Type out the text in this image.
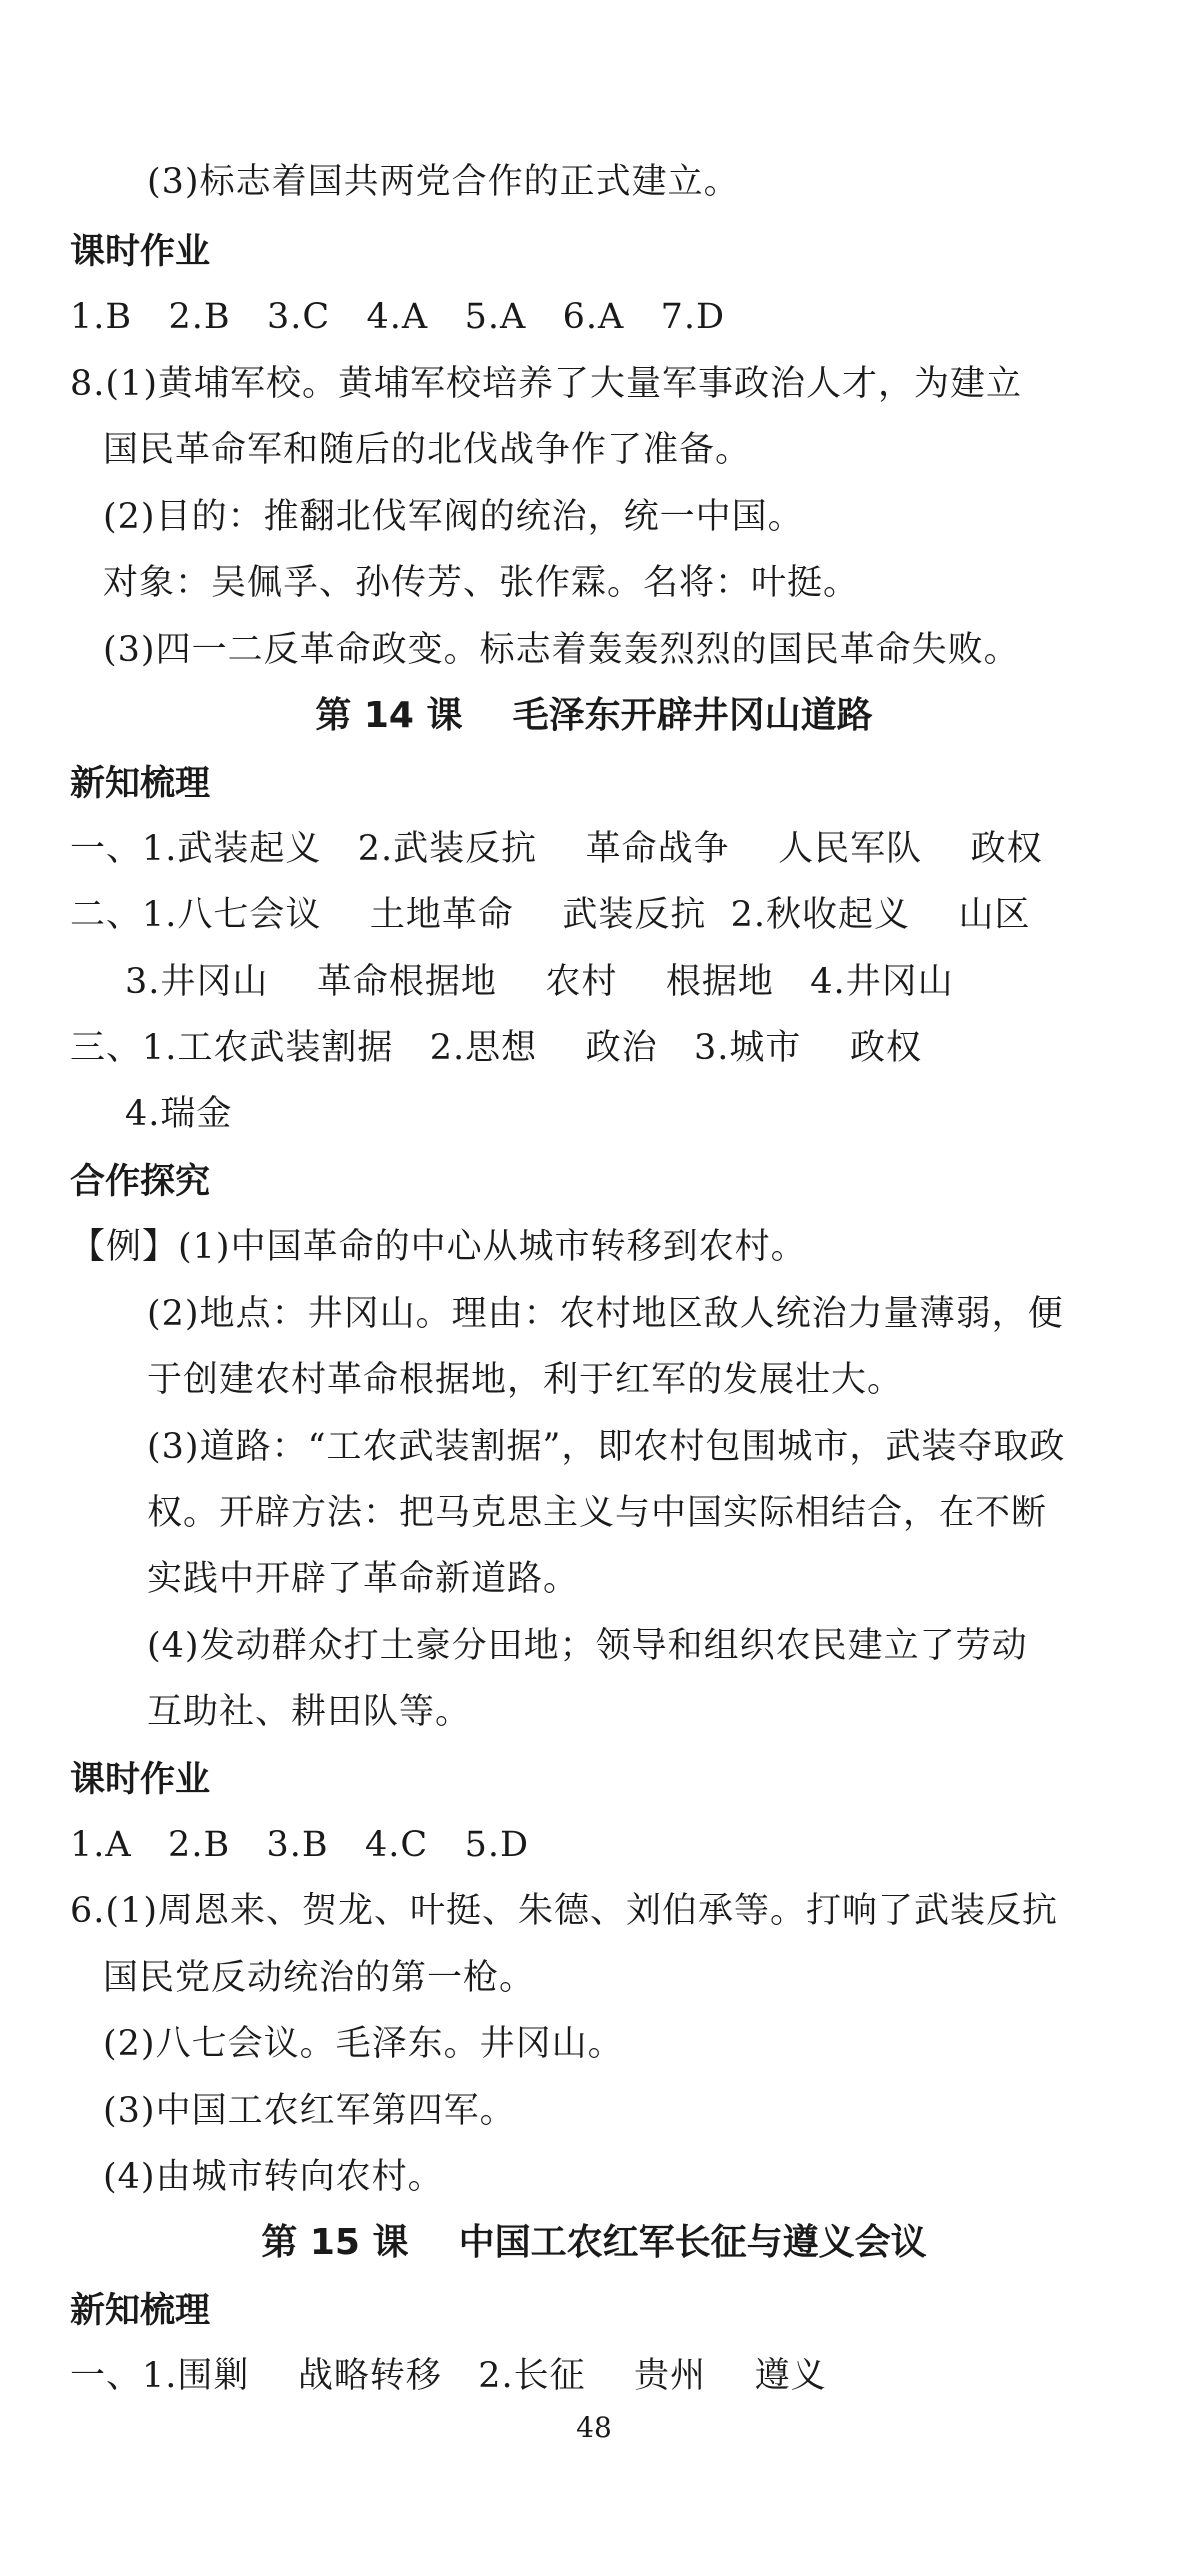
(3)标志着国共两党合作的正式建立。
课时作业
1.B   2.B   3.C   4.A   5.A   6.A   7.D
8.(1)黄埔军校。黄埔军校培养了大量军事政治人才，为建立
国民革命军和随后的北伐战争作了准备。
(2)目的：推翻北伐军阀的统治，统一中国。
对象：吴佩孚、孙传芳、张作霖。名将：叶挺。
(3)四一二反革命政变。标志着轰轰烈烈的国民革命失败。
第 14 课    毛泽东开辟井冈山道路
新知梳理
一、1.武装起义   2.武装反抗    革命战争    人民军队    政权
二、1.八七会议    土地革命    武装反抗  2.秋收起义    山区
3.井冈山    革命根据地    农村    根据地   4.井冈山
三、1.工农武装割据   2.思想    政治   3.城市    政权
4.瑞金
合作探究
【例】(1)中国革命的中心从城市转移到农村。
(2)地点：井冈山。理由：农村地区敌人统治力量薄弱，便
于创建农村革命根据地，利于红军的发展壮大。
(3)道路：“工农武装割据”，即农村包围城市，武装夺取政
权。开辟方法：把马克思主义与中国实际相结合，在不断
实践中开辟了革命新道路。
(4)发动群众打土豪分田地；领导和组织农民建立了劳动
互助社、耕田队等。
课时作业
1.A   2.B   3.B   4.C   5.D
6.(1)周恩来、贺龙、叶挺、朱德、刘伯承等。打响了武装反抗
国民党反动统治的第一枪。
(2)八七会议。毛泽东。井冈山。
(3)中国工农红军第四军。
(4)由城市转向农村。
第 15 课    中国工农红军长征与遵义会议
新知梳理
一、1.围剿    战略转移   2.长征    贵州    遵义
48
